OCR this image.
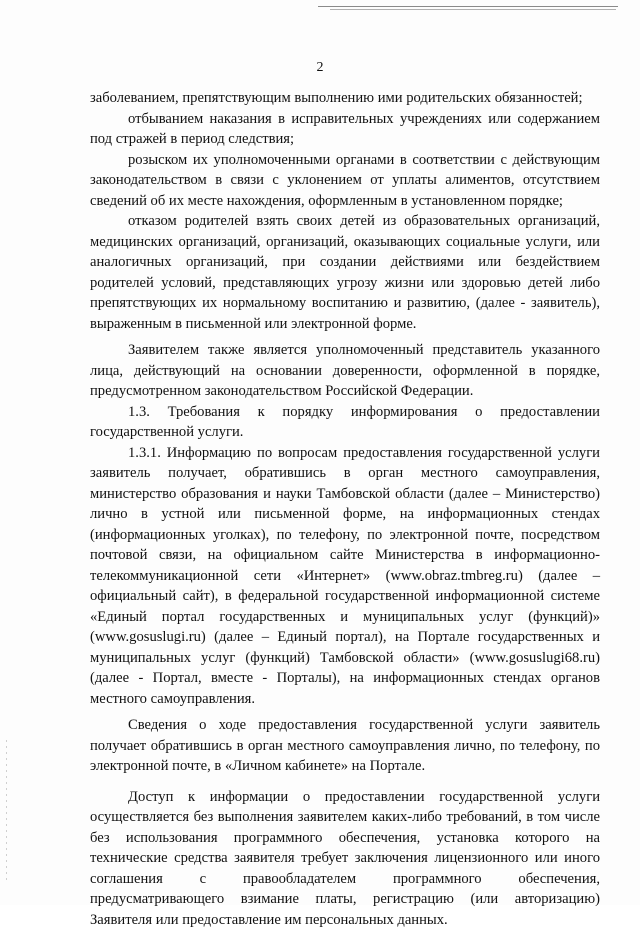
2

заболеванием, препятствующим выполнению ими родительских обязанностей;

отбыванием наказания в исправительных учреждениях или содержанием под стражей в период следствия;

розыском их уполномоченными органами в соответствии с действующим законодательством в связи с уклонением от уплаты алиментов, отсутствием сведений об их месте нахождения, оформленным в установленном порядке;

отказом родителей взять своих детей из образовательных организаций, медицинских организаций, организаций, оказывающих социальные услуги, или аналогичных организаций, при создании действиями или бездействием родителей условий, представляющих угрозу жизни или здоровью детей либо препятствующих их нормальному воспитанию и развитию, (далее - заявитель), выраженным в письменной или электронной форме.

Заявителем также является уполномоченный представитель указанного лица, действующий на основании доверенности, оформленной в порядке, предусмотренном законодательством Российской Федерации.

1.3. Требования к порядку информирования о предоставлении государственной услуги.

1.3.1. Информацию по вопросам предоставления государственной услуги заявитель получает, обратившись в орган местного самоуправления, министерство образования и науки Тамбовской области (далее – Министерство) лично в устной или письменной форме, на информационных стендах (информационных уголках), по телефону, по электронной почте, посредством почтовой связи, на официальном сайте Министерства в информационно-телекоммуникационной сети «Интернет» (www.obraz.tmbreg.ru) (далее – официальный сайт), в федеральной государственной информационной системе «Единый портал государственных и муниципальных услуг (функций)» (www.gosuslugi.ru) (далее – Единый портал), на Портале государственных и муниципальных услуг (функций) Тамбовской области» (www.gosuslugi68.ru) (далее - Портал, вместе - Порталы), на информационных стендах органов местного самоуправления.

Сведения о ходе предоставления государственной услуги заявитель получает обратившись в орган местного самоуправления лично, по телефону, по электронной почте, в «Личном кабинете» на Портале.

Доступ к информации о предоставлении государственной услуги осуществляется без выполнения заявителем каких-либо требований, в том числе без использования программного обеспечения, установка которого на технические средства заявителя требует заключения лицензионного или иного соглашения с правообладателем программного обеспечения, предусматривающего взимание платы, регистрацию (или авторизацию) Заявителя или предоставление им персональных данных.
